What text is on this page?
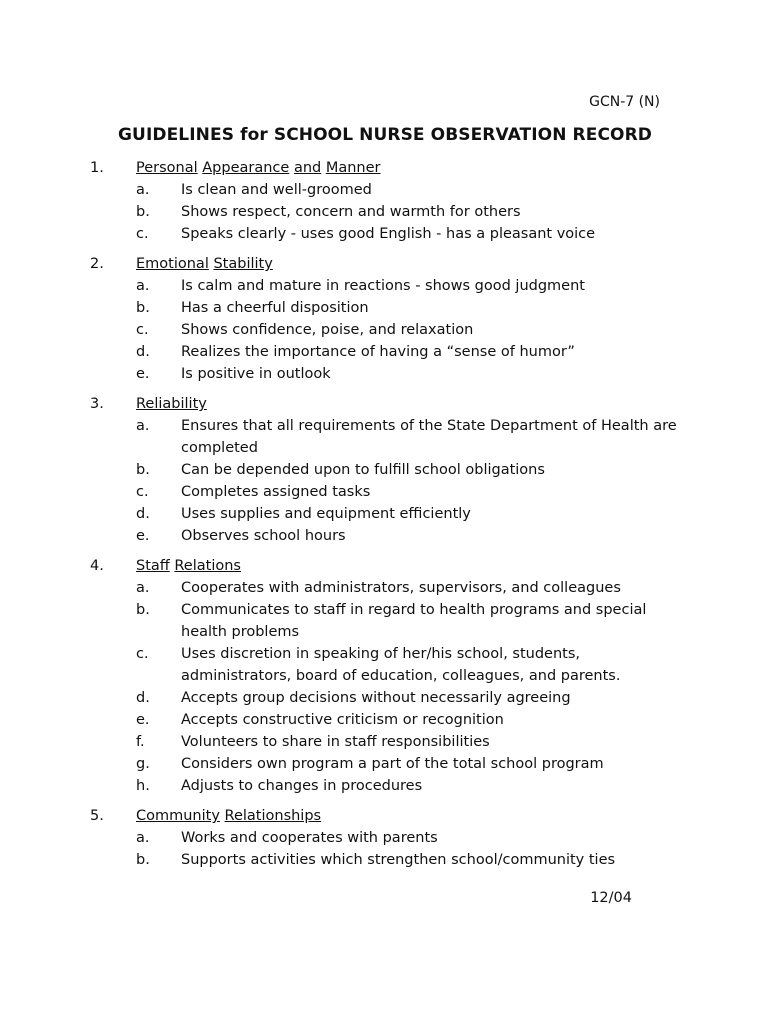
GCN-7 (N)
GUIDELINES for SCHOOL NURSE OBSERVATION RECORD
1. Personal Appearance and Manner
a. Is clean and well-groomed
b. Shows respect, concern and warmth for others
c. Speaks clearly - uses good English - has a pleasant voice
2. Emotional Stability
a. Is calm and mature in reactions - shows good judgment
b. Has a cheerful disposition
c. Shows confidence, poise, and relaxation
d. Realizes the importance of having a “sense of humor”
e. Is positive in outlook
3. Reliability
a. Ensures that all requirements of the State Department of Health are completed
b. Can be depended upon to fulfill school obligations
c. Completes assigned tasks
d. Uses supplies and equipment efficiently
e. Observes school hours
4. Staff Relations
a. Cooperates with administrators, supervisors, and colleagues
b. Communicates to staff in regard to health programs and special health problems
c. Uses discretion in speaking of her/his school, students, administrators, board of education, colleagues, and parents.
d. Accepts group decisions without necessarily agreeing
e. Accepts constructive criticism or recognition
f.	Volunteers to share in staff responsibilities
g. Considers own program a part of the total school program
h. Adjusts to changes in procedures
5. Community Relationships
a. Works and cooperates with parents
b. Supports activities which strengthen school/community ties
12/04
